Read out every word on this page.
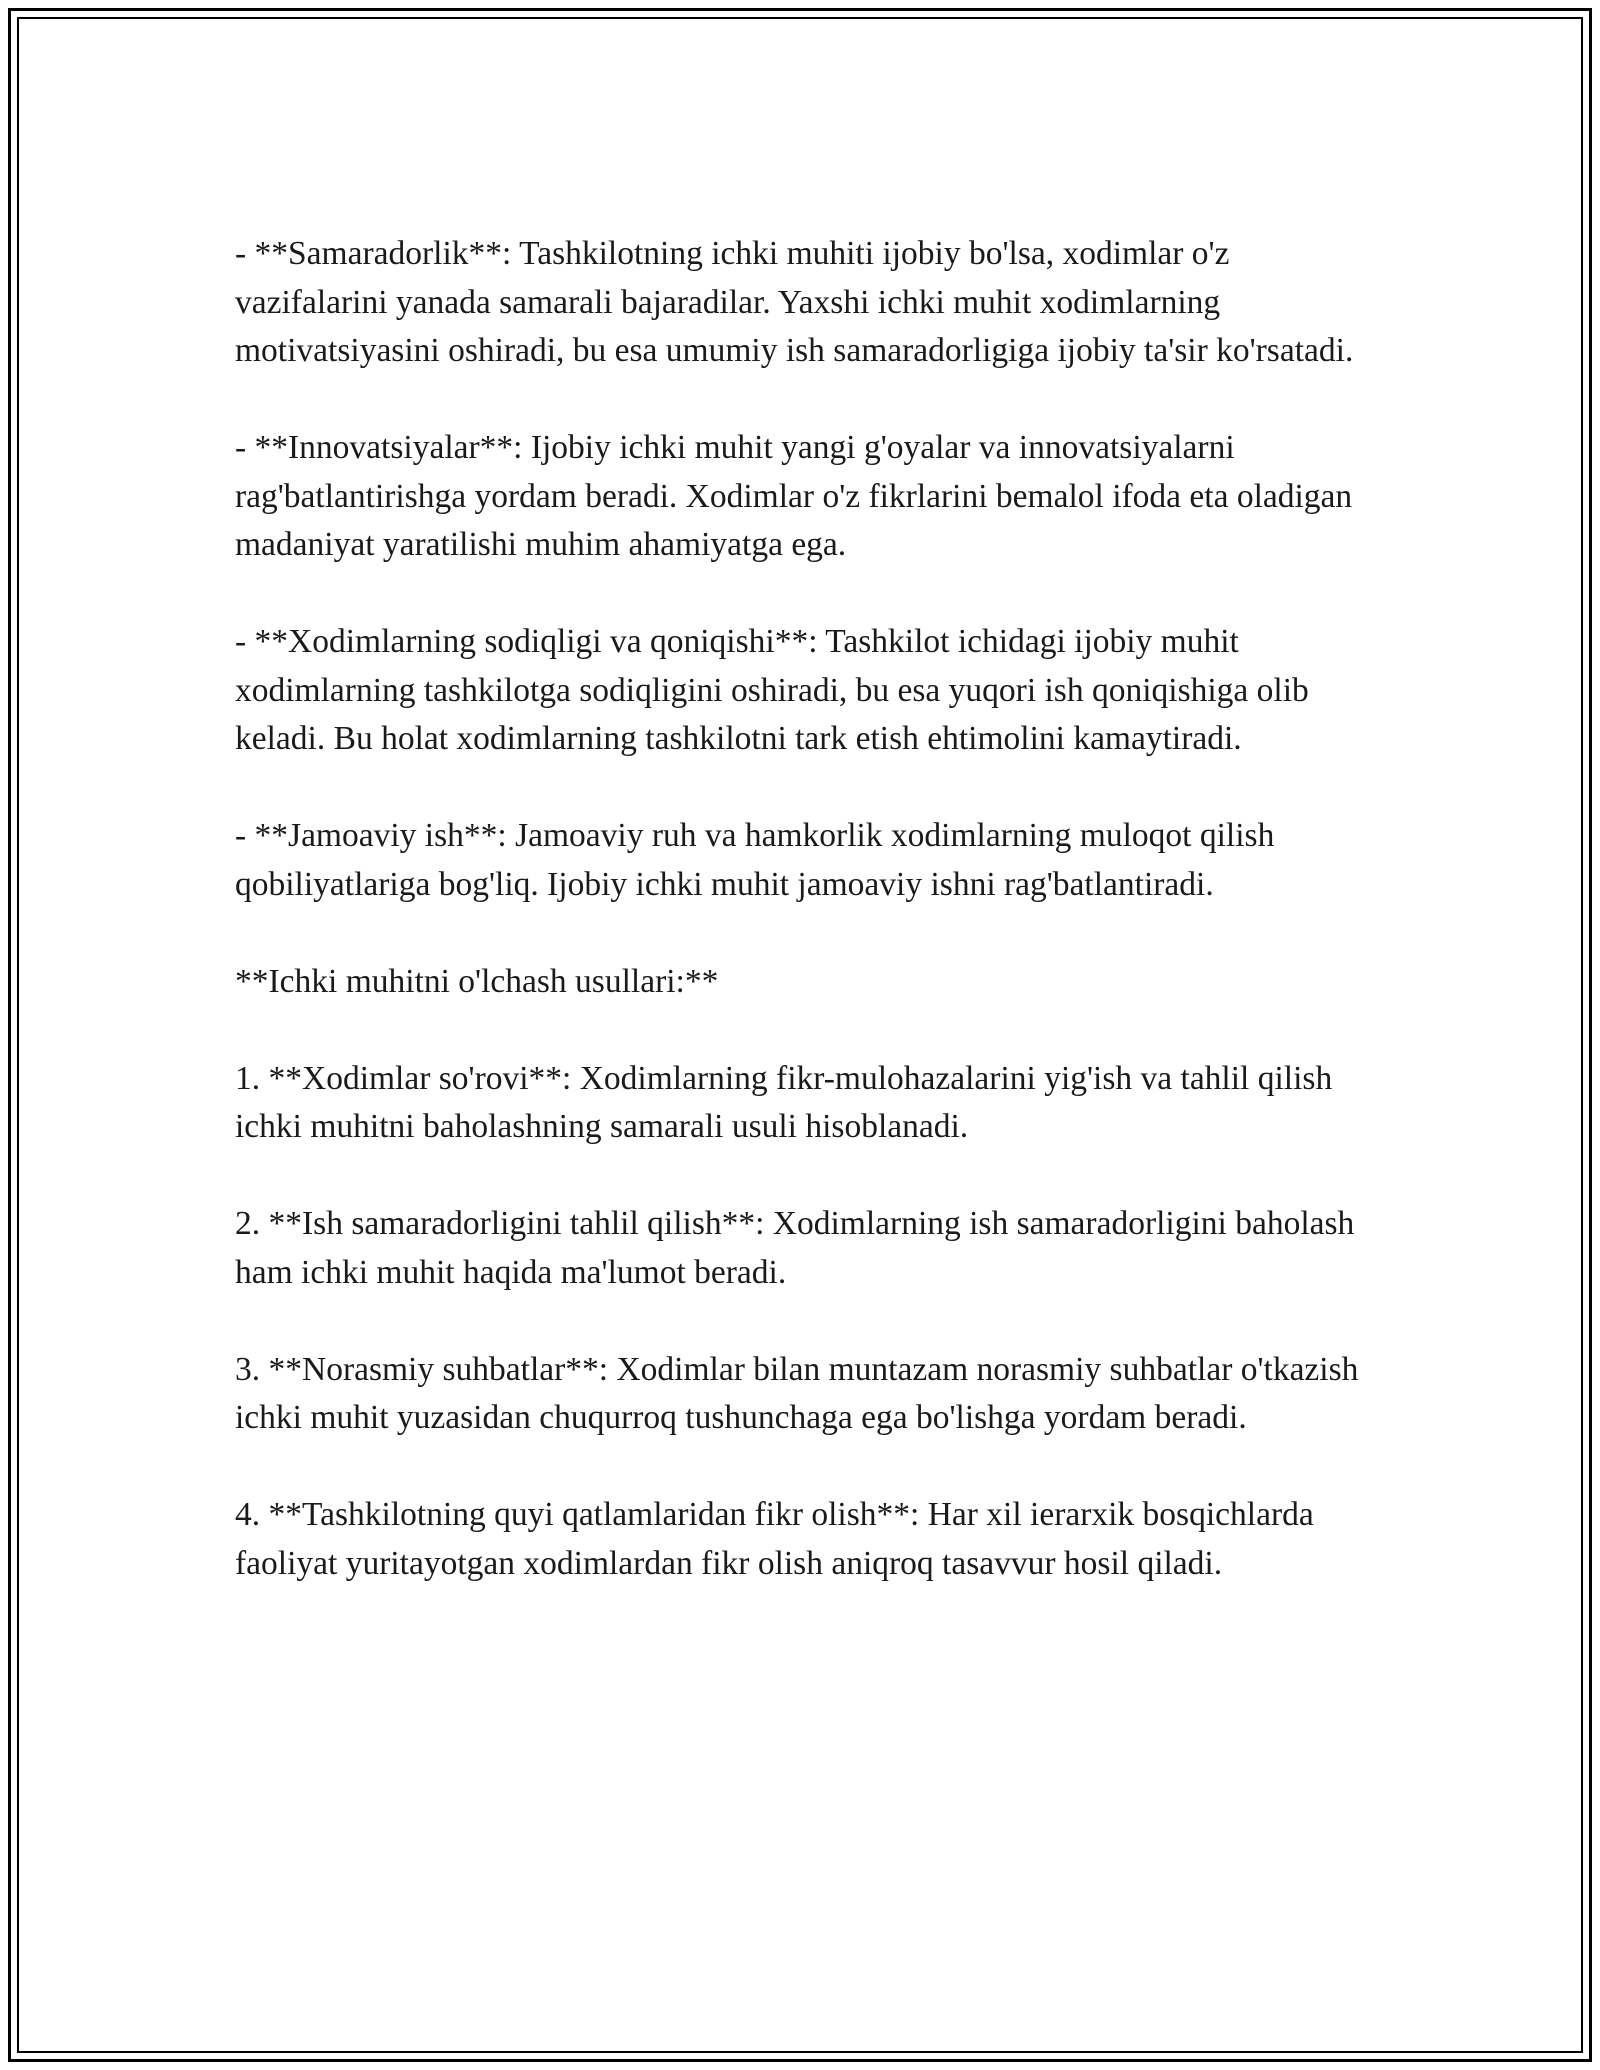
- **Samaradorlik**: Tashkilotning ichki muhiti ijobiy bo'lsa, xodimlar o'z vazifalarini yanada samarali bajaradilar. Yaxshi ichki muhit xodimlarning motivatsiyasini oshiradi, bu esa umumiy ish samaradorligiga ijobiy ta'sir ko'rsatadi.

- **Innovatsiyalar**: Ijobiy ichki muhit yangi g'oyalar va innovatsiyalarni rag'batlantirishga yordam beradi. Xodimlar o'z fikrlarini bemalol ifoda eta oladigan madaniyat yaratilishi muhim ahamiyatga ega.

- **Xodimlarning sodiqligi va qoniqishi**: Tashkilot ichidagi ijobiy muhit xodimlarning tashkilotga sodiqligini oshiradi, bu esa yuqori ish qoniqishiga olib keladi. Bu holat xodimlarning tashkilotni tark etish ehtimolini kamaytiradi.

- **Jamoaviy ish**: Jamoaviy ruh va hamkorlik xodimlarning muloqot qilish qobiliyatlariga bog'liq. Ijobiy ichki muhit jamoaviy ishni rag'batlantiradi.

**Ichki muhitni o'lchash usullari:**

1. **Xodimlar so'rovi**: Xodimlarning fikr-mulohazalarini yig'ish va tahlil qilish ichki muhitni baholashning samarali usuli hisoblanadi.

2. **Ish samaradorligini tahlil qilish**: Xodimlarning ish samaradorligini baholash ham ichki muhit haqida ma'lumot beradi.

3. **Norasmiy suhbatlar**: Xodimlar bilan muntazam norasmiy suhbatlar o'tkazish ichki muhit yuzasidan chuqurroq tushunchaga ega bo'lishga yordam beradi.

4. **Tashkilotning quyi qatlamlaridan fikr olish**: Har xil ierarxik bosqichlarda faoliyat yuritayotgan xodimlardan fikr olish aniqroq tasavvur hosil qiladi.
